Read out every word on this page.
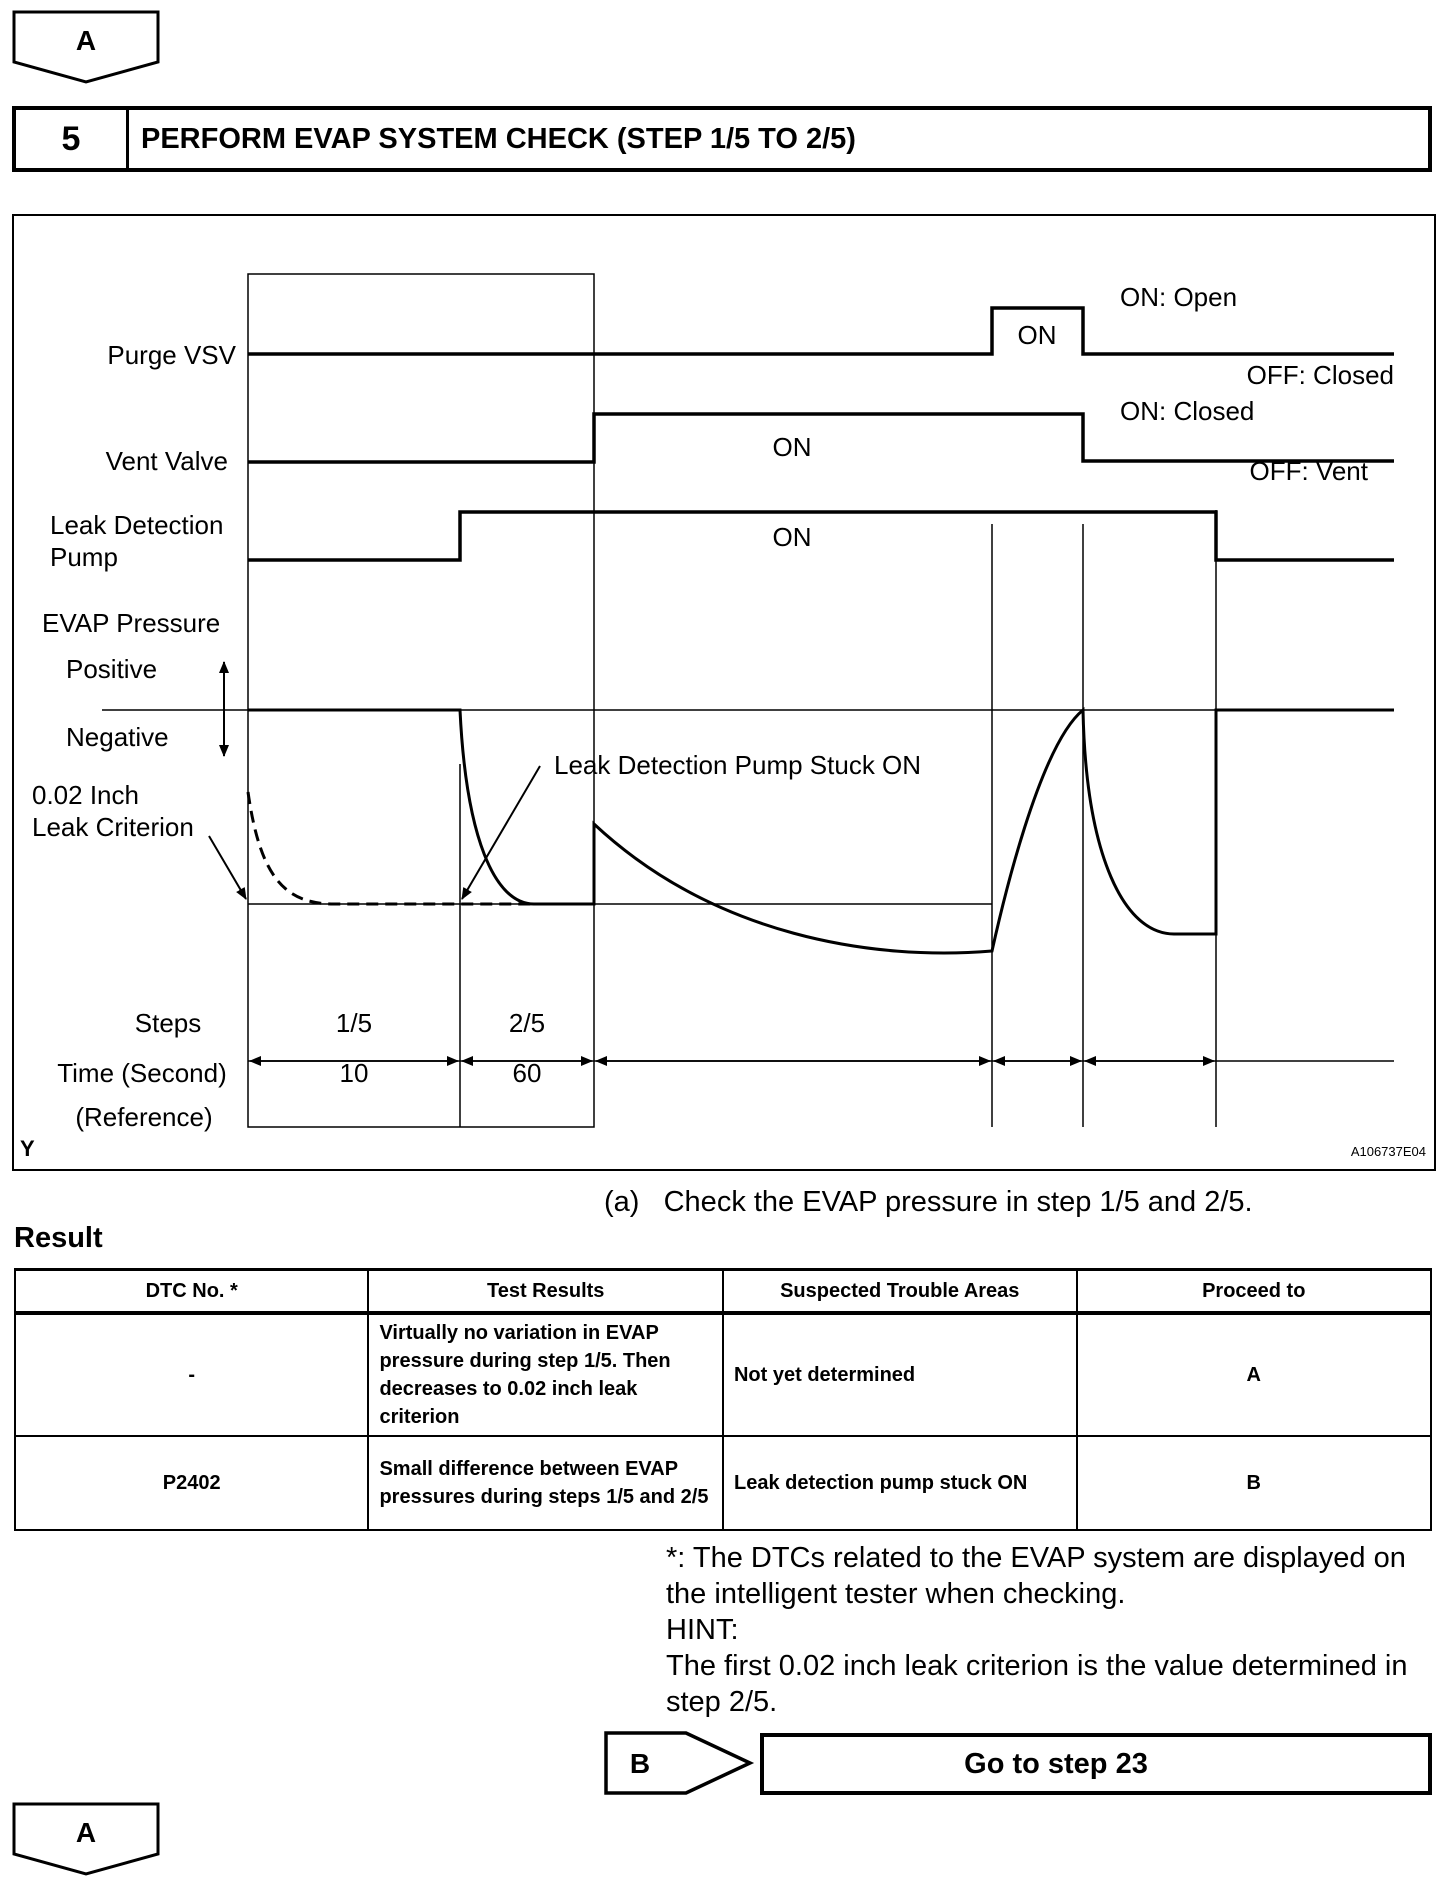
A
5	PERFORM EVAP SYSTEM CHECK (STEP 1/5 TO 2/5)
Purge VSV
Vent Valve
Leak Detection
Pump
EVAP Pressure
Positive
Negative
0.02 Inch
Leak Criterion
ON
ON: Open
OFF: Closed
ON
ON: Closed
OFF: Vent
ON
Leak Detection Pump Stuck ON
Steps	1/5	2/5
Time (Second)	10	60
(Reference)
Y	A106737E04
(a)   Check the EVAP pressure in step 1/5 and 2/5.
Result
DTC No. *	Test Results	Suspected Trouble Areas	Proceed to
-	Virtually no variation in EVAP pressure during step 1/5. Then decreases to 0.02 inch leak criterion	Not yet determined	A
P2402	Small difference between EVAP pressures during steps 1/5 and 2/5	Leak detection pump stuck ON	B
*: The DTCs related to the EVAP system are displayed on the intelligent tester when checking.
HINT:
The first 0.02 inch leak criterion is the value determined in step 2/5.
B	Go to step 23
A
